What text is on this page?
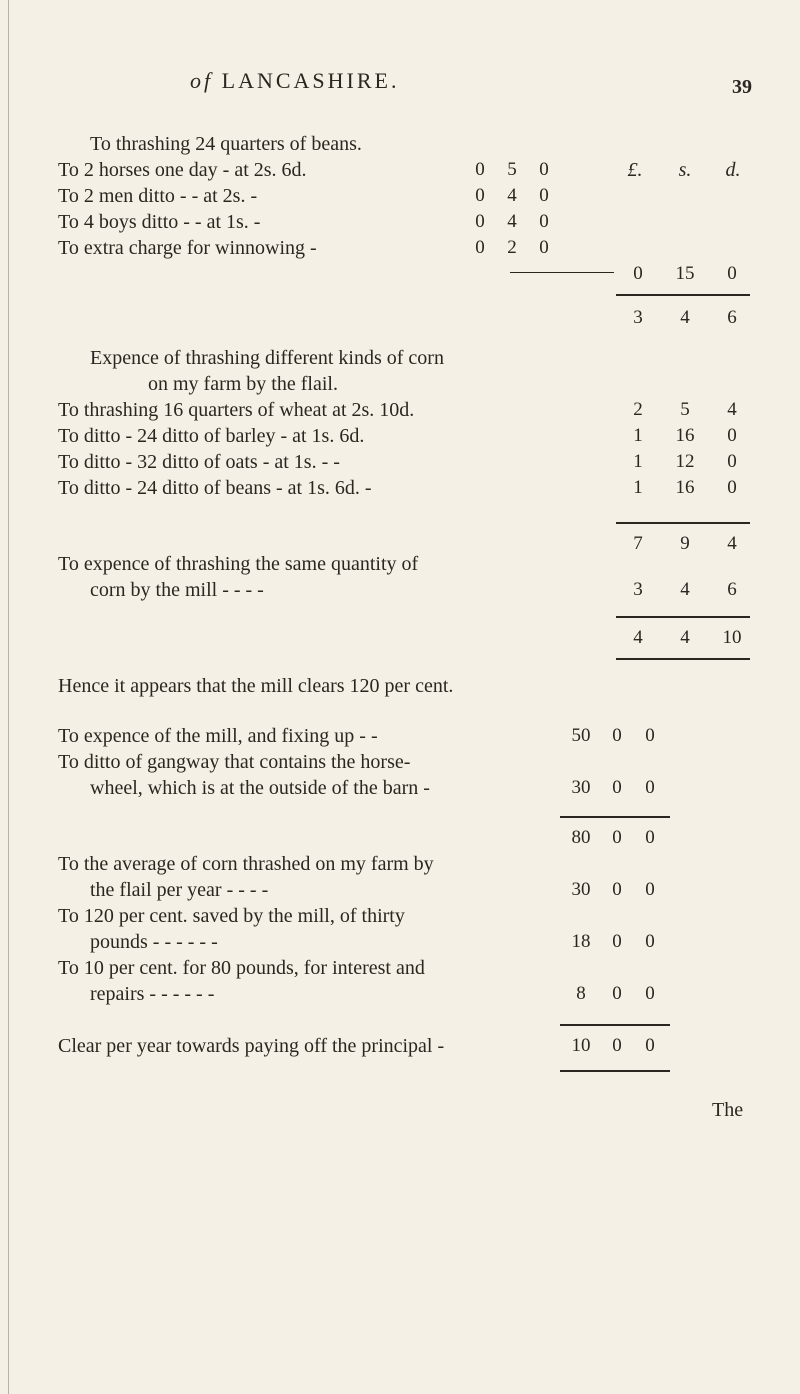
of LANCASHIRE.	39
To thrashing 24 quarters of beans.
£.	s.	d.
To 2 horses one day - at 2s. 6d.	0	5	0
To 2 men ditto - - at 2s. -	0	4	0
To 4 boys ditto - - at 1s. -	0	4	0
To extra charge for winnowing -	0	2	0
0	15	0
3	4	6
Expence of thrashing different kinds of corn
on my farm by the flail.
To thrashing 16 quarters of wheat at 2s. 10d.	2	5	4
To ditto - 24 ditto of barley - at 1s. 6d.	1	16	0
To ditto - 32 ditto of oats - at 1s. - -	1	12	0
To ditto - 24 ditto of beans - at 1s. 6d. -	1	16	0
7	9	4
To expence of thrashing the same quantity of
corn by the mill - - - -	3	4	6
4	4	10
Hence it appears that the mill clears 120 per cent.
To expence of the mill, and fixing up - -	50	0	0
To ditto of gangway that contains the horse-
wheel, which is at the outside of the barn -	30	0	0
80	0	0
To the average of corn thrashed on my farm by
the flail per year - - - -	30	0	0
To 120 per cent. saved by the mill, of thirty
pounds - - - - - -	18	0	0
To 10 per cent. for 80 pounds, for interest and
repairs - - - - - -	8	0	0
Clear per year towards paying off the principal -	10	0	0
The
